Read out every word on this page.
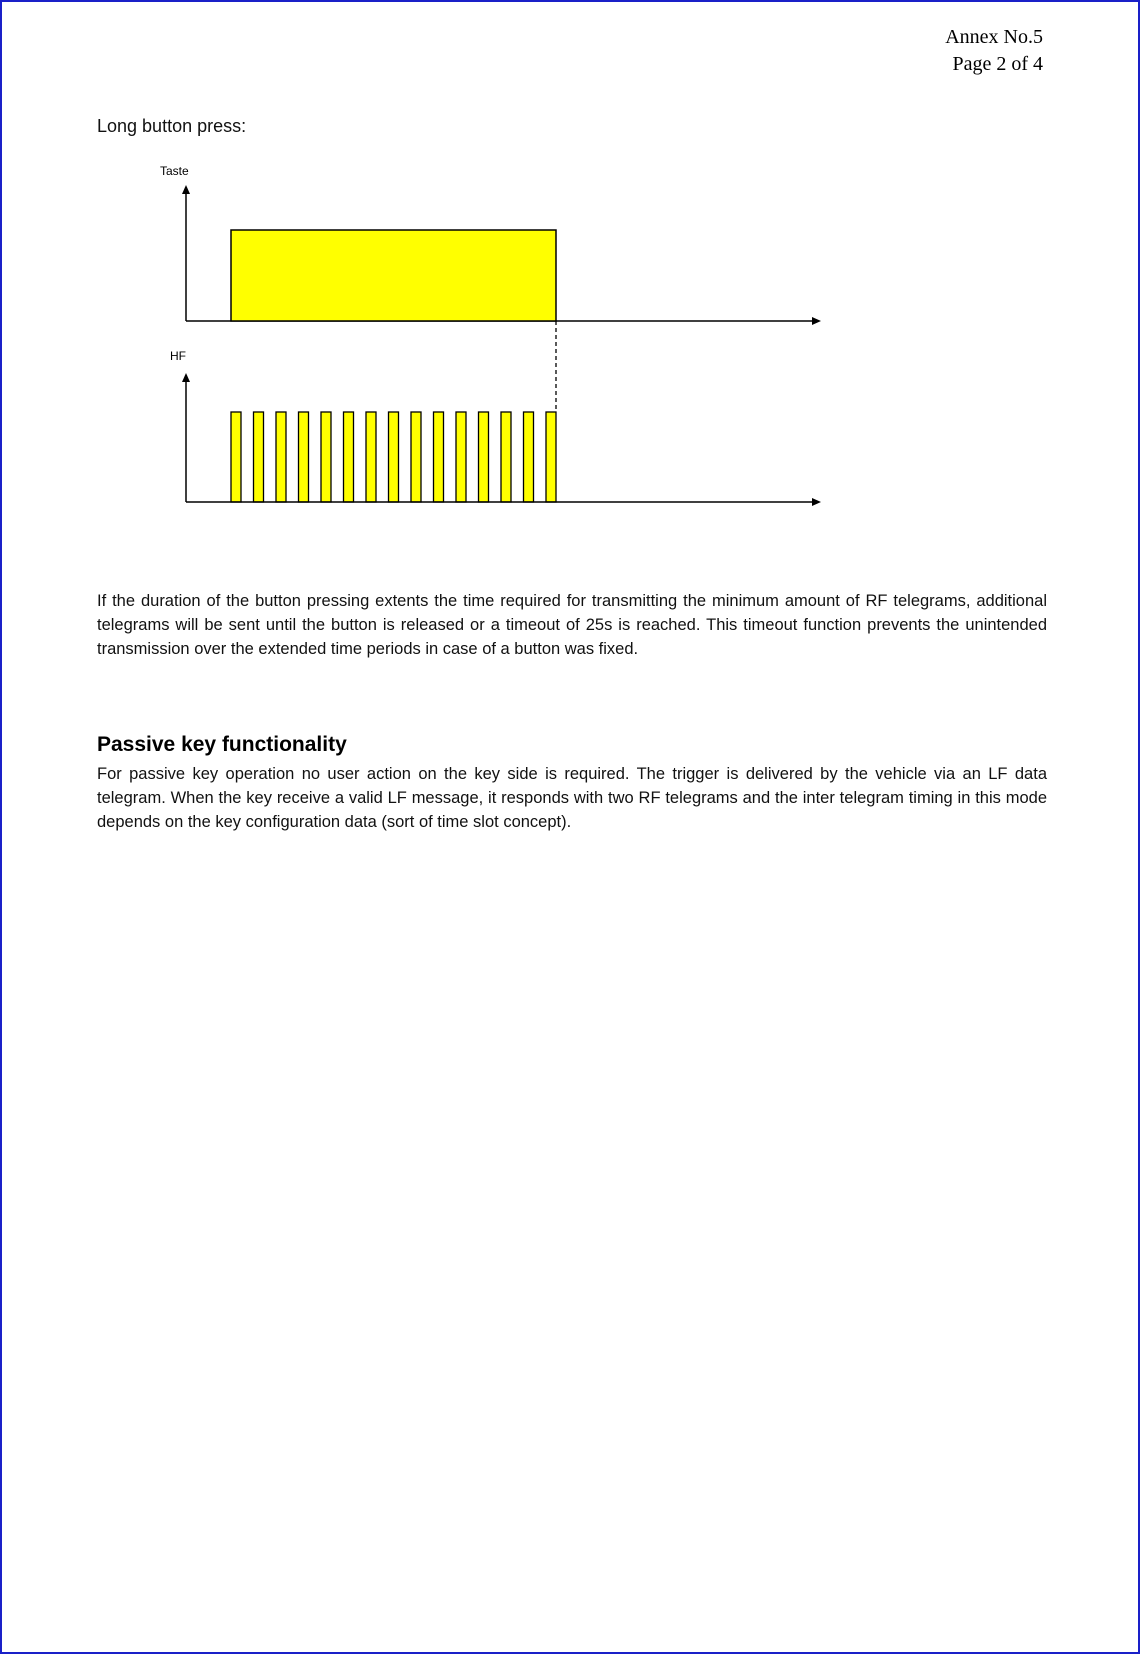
Annex No.5
Page 2 of 4
Long button press:
Taste
HF

If the duration of the button pressing extents the time required for transmitting the minimum amount of RF telegrams, additional telegrams will be sent until the button is released or a timeout of 25s is reached. This timeout function prevents the unintended transmission over the extended time periods in case of a button was fixed.

Passive key functionality

For passive key operation no user action on the key side is required. The trigger is delivered by the vehicle via an LF data telegram. When the key receive a valid LF message, it responds with two RF telegrams and the inter telegram timing in this mode depends on the key configuration data (sort of time slot concept).
